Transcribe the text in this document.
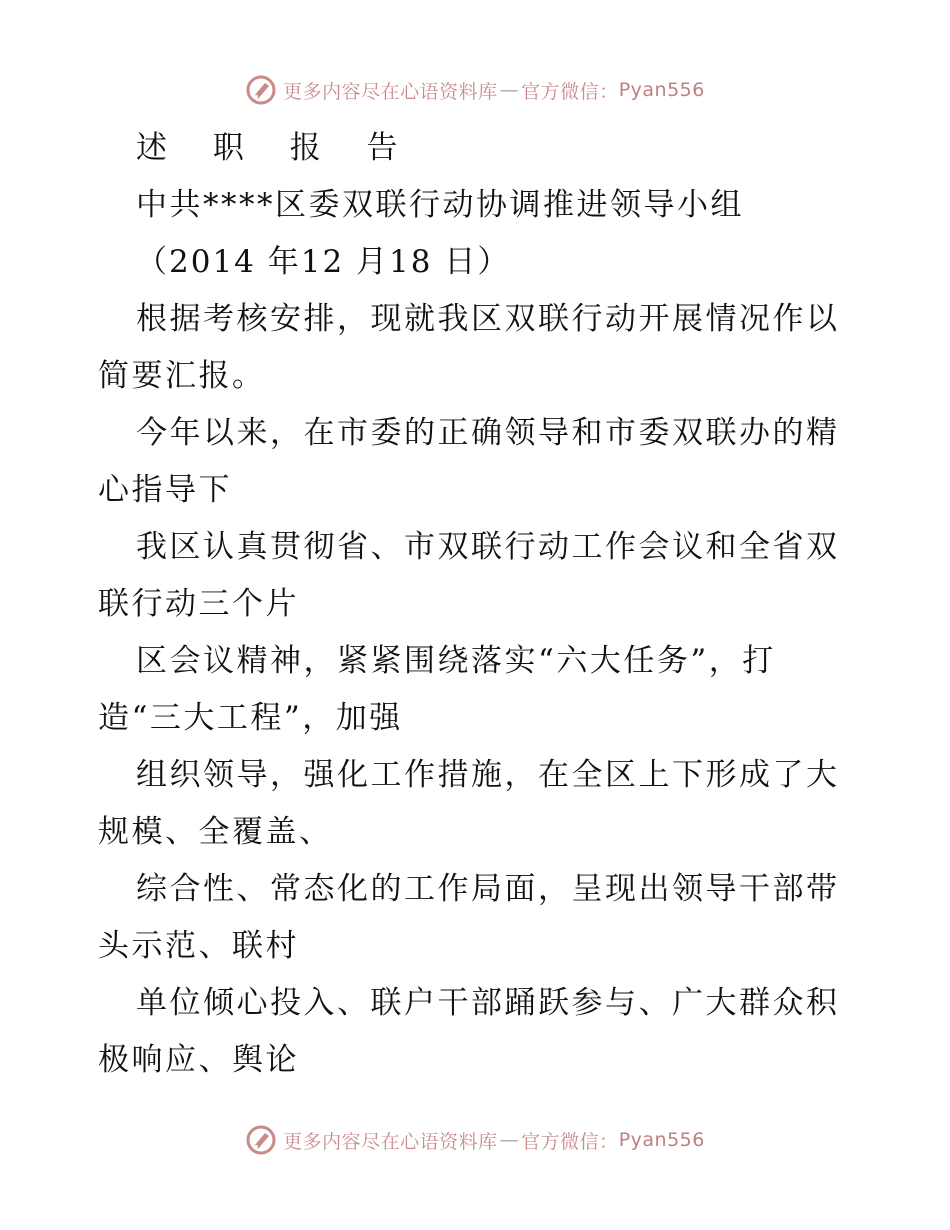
更多内容尽在心语资料库 — 官方微信： Pyan556
述 职 报 告
中共****区委双联行动协调推进领导小组
（2014 年12 月18 日）
根据考核安排，现就我区双联行动开展情况作以
简要汇报。
今年以来，在市委的正确领导和市委双联办的精
心指导下
我区认真贯彻省、市双联行动工作会议和全省双
联行动三个片
区会议精神，紧紧围绕落实“六大任务”，打
造“三大工程”，加强
组织领导，强化工作措施，在全区上下形成了大
规模、全覆盖、
综合性、常态化的工作局面，呈现出领导干部带
头示范、联村
单位倾心投入、联户干部踊跃参与、广大群众积
极响应、舆论
更多内容尽在心语资料库 — 官方微信： Pyan556
